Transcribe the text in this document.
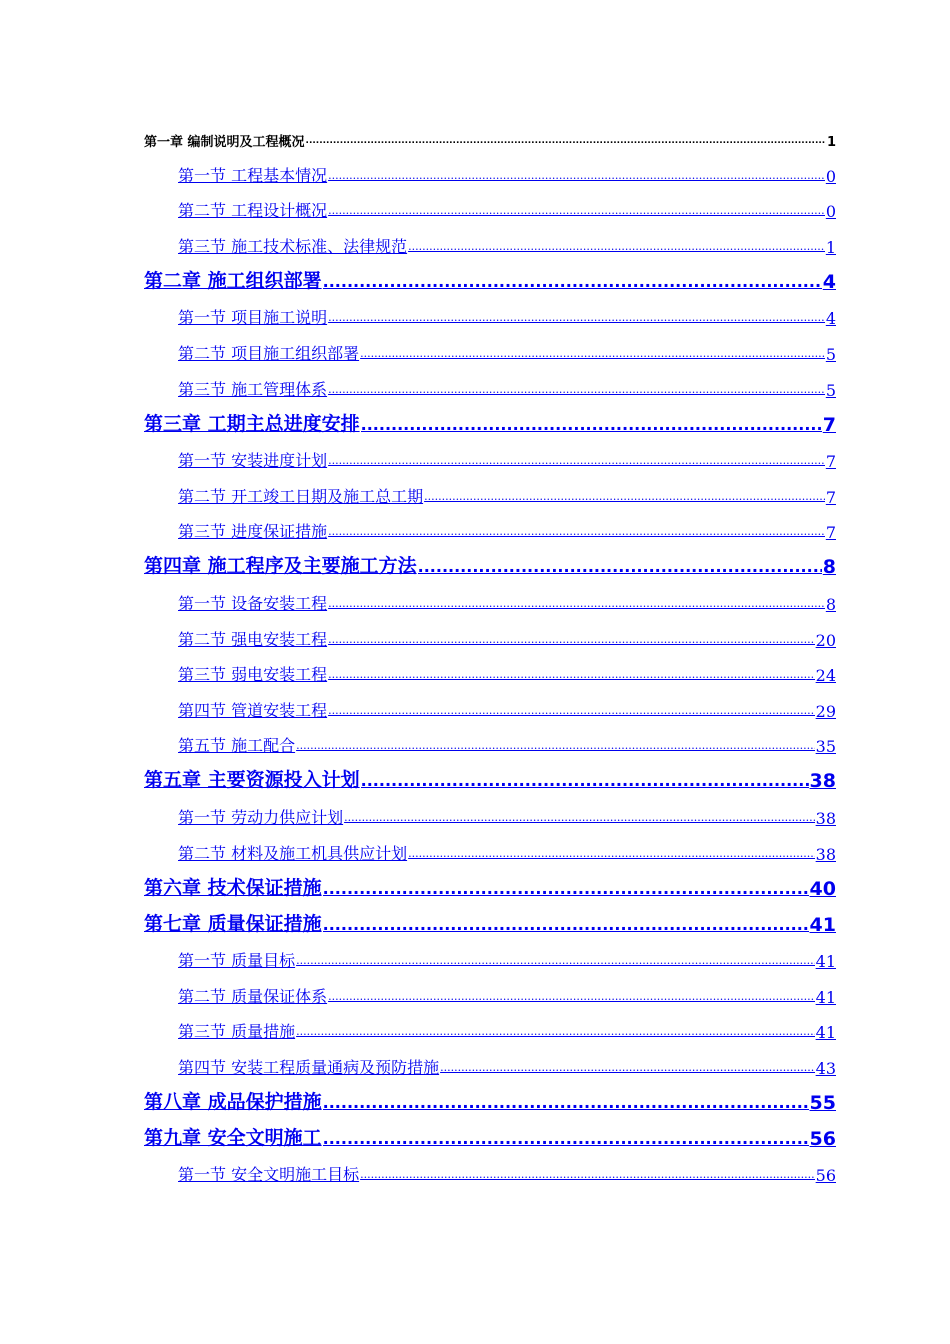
第一章 编制说明及工程概况 .....	1
第一节 工程基本情况 .....	0
第二节 工程设计概况 .....	0
第三节 施工技术标准、法律规范 .....	1
第二章 施工组织部署 .....	4
第一节 项目施工说明 .....	4
第二节 项目施工组织部署 .....	5
第三节 施工管理体系 .....	5
第三章 工期主总进度安排 .....	7
第一节 安装进度计划 .....	7
第二节 开工竣工日期及施工总工期 .....	7
第三节 进度保证措施 .....	7
第四章 施工程序及主要施工方法 .....	8
第一节 设备安装工程 .....	8
第二节 强电安装工程 .....	20
第三节 弱电安装工程 .....	24
第四节 管道安装工程 .....	29
第五节 施工配合 .....	35
第五章 主要资源投入计划 .....	38
第一节 劳动力供应计划 .....	38
第二节 材料及施工机具供应计划 .....	38
第六章 技术保证措施 .....	40
第七章 质量保证措施 .....	41
第一节 质量目标 .....	41
第二节 质量保证体系 .....	41
第三节 质量措施 .....	41
第四节 安装工程质量通病及预防措施 .....	43
第八章 成品保护措施 .....	55
第九章 安全文明施工 .....	56
第一节 安全文明施工目标 .....	56
